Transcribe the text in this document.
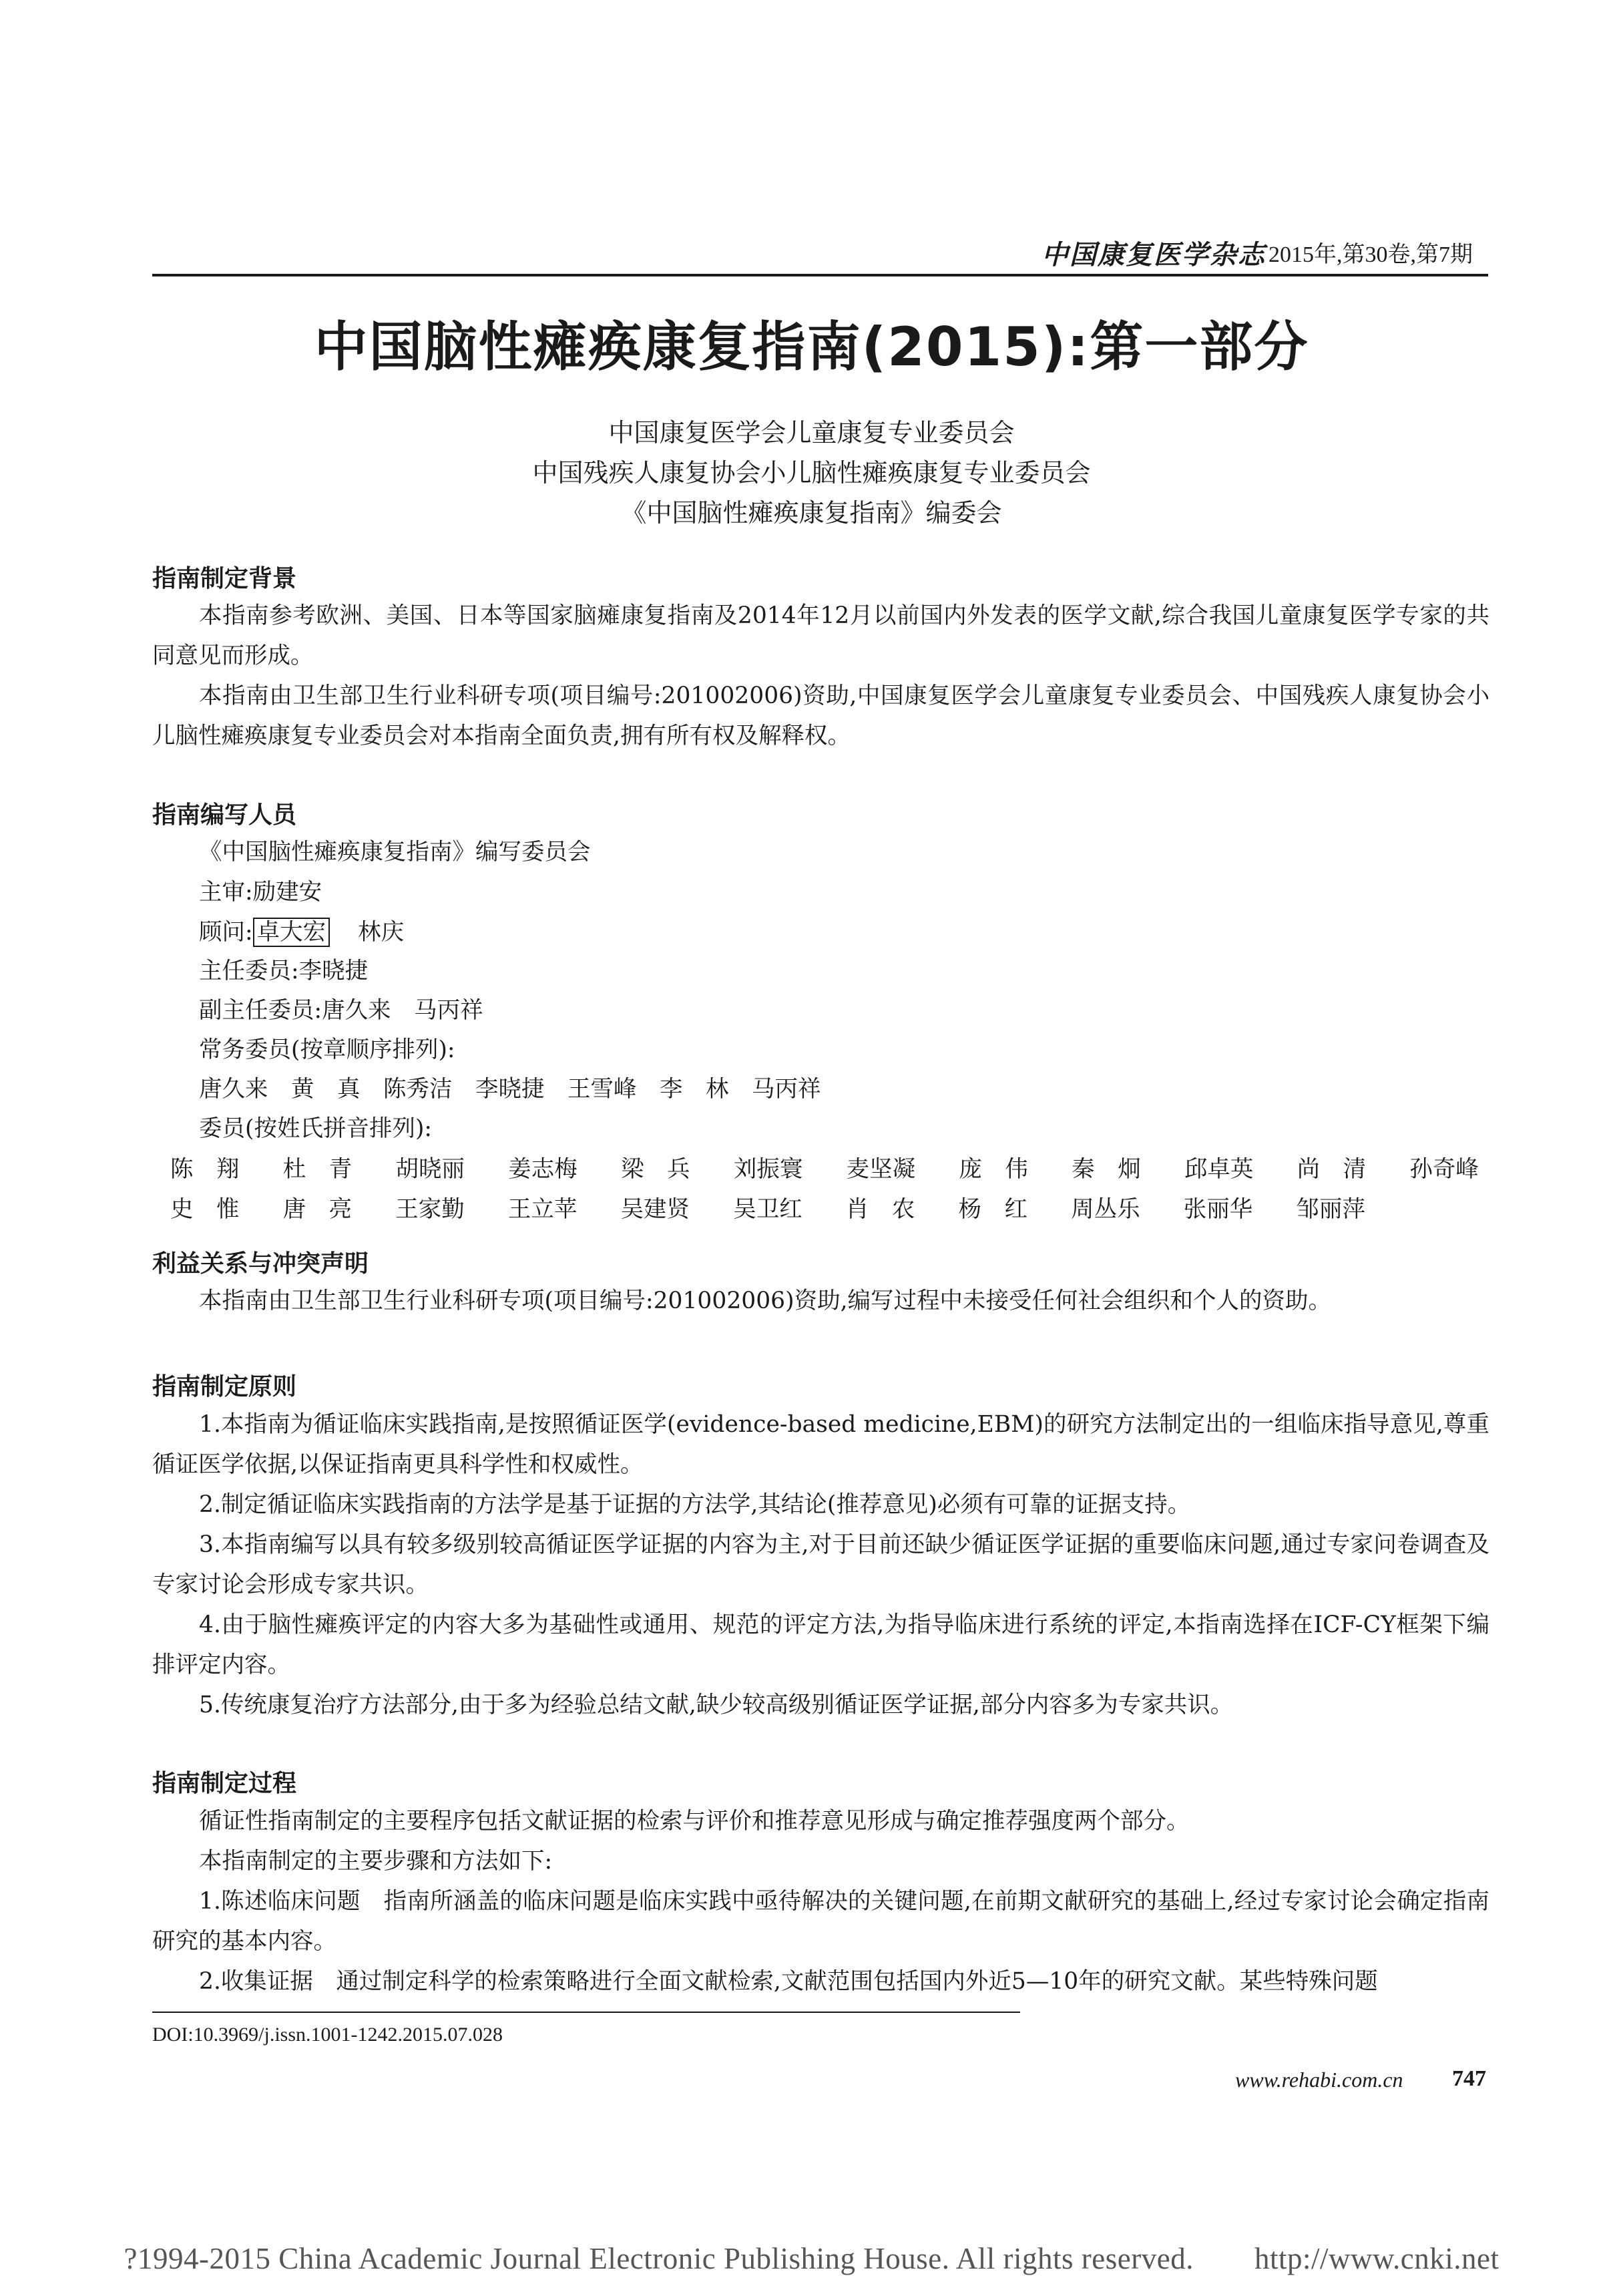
中国康复医学杂志 2015年,第30卷,第7期
中国脑性瘫痪康复指南(2015):第一部分
中国康复医学会儿童康复专业委员会
中国残疾人康复协会小儿脑性瘫痪康复专业委员会
《中国脑性瘫痪康复指南》编委会
指南制定背景
本指南参考欧洲、美国、日本等国家脑瘫康复指南及2014年12月以前国内外发表的医学文献,综合我国儿童康复医学专家的共同意见而形成。
本指南由卫生部卫生行业科研专项(项目编号:201002006)资助,中国康复医学会儿童康复专业委员会、中国残疾人康复协会小儿脑性瘫痪康复专业委员会对本指南全面负责,拥有所有权及解释权。
指南编写人员
《中国脑性瘫痪康复指南》编写委员会
主审:励建安
顾问: 卓大宏 林庆
主任委员:李晓捷
副主任委员:唐久来　马丙祥
常务委员(按章顺序排列):
唐久来　黄　真　陈秀洁　李晓捷　王雪峰　李　林　马丙祥
委员(按姓氏拼音排列):
陈　翔 杜　青 胡晓丽 姜志梅 梁　兵 刘振寰 麦坚凝 庞　伟 秦　炯 邱卓英 尚　清 孙奇峰
史　惟 唐　亮 王家勤 王立苹 吴建贤 吴卫红 肖　农 杨　红 周丛乐 张丽华 邹丽萍
利益关系与冲突声明
本指南由卫生部卫生行业科研专项(项目编号:201002006)资助,编写过程中未接受任何社会组织和个人的资助。
指南制定原则
1.本指南为循证临床实践指南,是按照循证医学(evidence-based medicine,EBM)的研究方法制定出的一组临床指导意见,尊重循证医学依据,以保证指南更具科学性和权威性。
2.制定循证临床实践指南的方法学是基于证据的方法学,其结论(推荐意见)必须有可靠的证据支持。
3.本指南编写以具有较多级别较高循证医学证据的内容为主,对于目前还缺少循证医学证据的重要临床问题,通过专家问卷调查及专家讨论会形成专家共识。
4.由于脑性瘫痪评定的内容大多为基础性或通用、规范的评定方法,为指导临床进行系统的评定,本指南选择在ICF-CY框架下编排评定内容。
5.传统康复治疗方法部分,由于多为经验总结文献,缺少较高级别循证医学证据,部分内容多为专家共识。
指南制定过程
循证性指南制定的主要程序包括文献证据的检索与评价和推荐意见形成与确定推荐强度两个部分。
本指南制定的主要步骤和方法如下:
1.陈述临床问题　指南所涵盖的临床问题是临床实践中亟待解决的关键问题,在前期文献研究的基础上,经过专家讨论会确定指南研究的基本内容。
2.收集证据　通过制定科学的检索策略进行全面文献检索,文献范围包括国内外近5—10年的研究文献。某些特殊问题
DOI:10.3969/j.issn.1001-1242.2015.07.028
www.rehabi.com.cn 747
?1994-2015 China Academic Journal Electronic Publishing House. All rights reserved.　　http://www.cnki.net
